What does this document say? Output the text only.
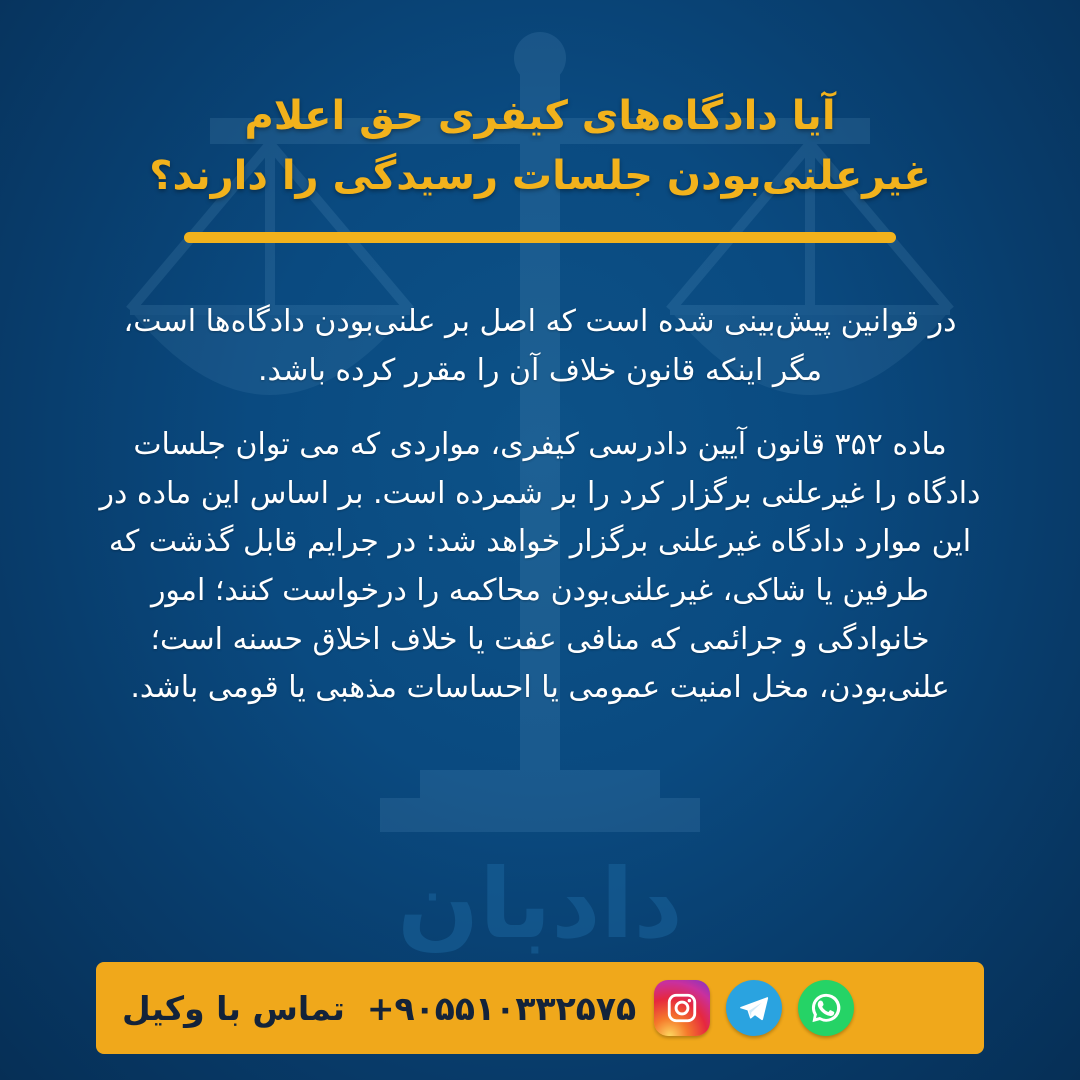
دادبان
آیا دادگاه‌های کیفری حق اعلام
غیرعلنی‌بودن جلسات رسیدگی را دارند؟

در قوانین پیش‌بینی شده است که اصل بر علنی‌بودن دادگاه‌ها است، مگر اینکه قانون خلاف آن را مقرر کرده باشد.

ماده ۳۵۲ قانون آیین دادرسی کیفری، مواردی که می توان جلسات دادگاه را غیرعلنی برگزار کرد را بر شمرده است. بر اساس این ماده در این موارد دادگاه غیرعلنی برگزار خواهد شد: در جرایم قابل گذشت که طرفین یا شاکی، غیرعلنی‌بودن محاکمه را درخواست کنند؛ امور خانوادگی و جرائمی که منافی عفت یا خلاف اخلاق حسنه است؛ علنی‌بودن، مخل امنیت عمومی یا احساسات مذهبی یا قومی باشد.

تماس با وکیل +۹۰۵۵۱۰۳۳۲۵۷۵
